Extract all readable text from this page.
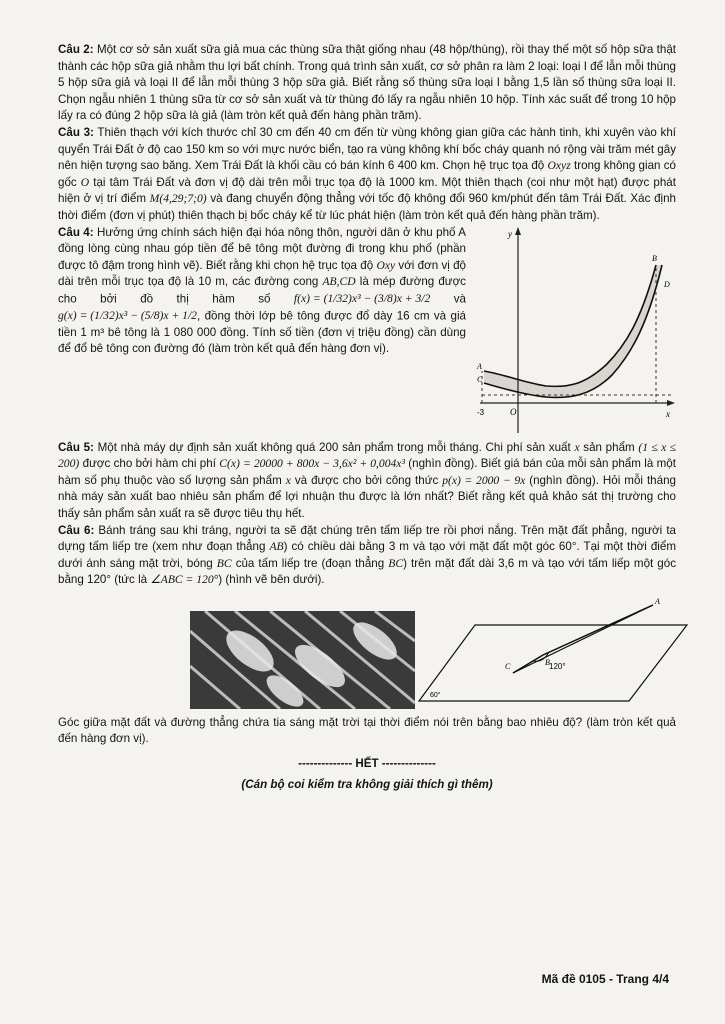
Câu 2: Một cơ sở sản xuất sữa giả mua các thùng sữa thật giống nhau (48 hộp/thùng), rồi thay thế một số hộp sữa thật thành các hộp sữa giả nhằm thu lợi bất chính. Trong quá trình sản xuất, cơ sở phân ra làm 2 loại: loại I để lẫn mỗi thùng 5 hộp sữa giả và loại II để lẫn mỗi thùng 3 hộp sữa giả. Biết rằng số thùng sữa loại I bằng 1,5 lần số thùng sữa loại II. Chọn ngẫu nhiên 1 thùng sữa từ cơ sở sản xuất và từ thùng đó lấy ra ngẫu nhiên 10 hộp. Tính xác suất để trong 10 hộp lấy ra có đúng 2 hộp sữa là giả (làm tròn kết quả đến hàng phần trăm).

Câu 3: Thiên thạch với kích thước chỉ 30 cm đến 40 cm đến từ vùng không gian giữa các hành tinh, khi xuyên vào khí quyển Trái Đất ở độ cao 150 km so với mực nước biển, tạo ra vùng không khí bốc cháy quanh nó rộng vài trăm mét gây nên hiện tượng sao băng. Xem Trái Đất là khối cầu có bán kính 6 400 km. Chọn hệ trục tọa độ Oxyz trong không gian có gốc O tại tâm Trái Đất và đơn vị độ dài trên mỗi trục tọa độ là 1000 km. Một thiên thạch (coi như một hạt) được phát hiện ở vị trí điểm M(4,29;7;0) và đang chuyển động thẳng với tốc độ không đổi 960 km/phút đến tâm Trái Đất. Xác định thời điểm (đơn vị phút) thiên thạch bị bốc cháy kể từ lúc phát hiện (làm tròn kết quả đến hàng phần trăm).

Câu 4: Hưởng ứng chính sách hiện đại hóa nông thôn, người dân ở khu phố A đồng lòng cùng nhau góp tiền để bê tông một đường đi trong khu phố (phần được tô đậm trong hình vẽ). Biết rằng khi chọn hệ trục tọa độ Oxy với đơn vị độ dài trên mỗi trục tọa độ là 10 m, các đường cong AB,CD là mép đường được cho bởi đồ thị hàm số f(x) = (1/32)x³ − (3/8)x + 3/2 và g(x) = (1/32)x³ − (5/8)x + 1/2, đồng thời lớp bê tông được đổ dày 16 cm và giá tiền 1 m³ bê tông là 1 080 000 đồng. Tính số tiền (đơn vị triệu đồng) cần dùng để đổ bê tông con đường đó (làm tròn kết quả đến hàng đơn vị).

y
x
O
-3
A
C
B
D

Câu 5: Một nhà máy dự định sản xuất không quá 200 sản phẩm trong mỗi tháng. Chi phí sản xuất x sản phẩm (1 ≤ x ≤ 200) được cho bởi hàm chi phí C(x) = 20000 + 800x − 3,6x² + 0,004x³ (nghìn đồng). Biết giá bán của mỗi sản phẩm là một hàm số phụ thuộc vào số lượng sản phẩm x và được cho bởi công thức p(x) = 2000 − 9x (nghìn đồng). Hỏi mỗi tháng nhà máy sản xuất bao nhiêu sản phẩm để lợi nhuận thu được là lớn nhất? Biết rằng kết quả khảo sát thị trường cho thấy sản phẩm sản xuất ra sẽ được tiêu thụ hết.

Câu 6: Bánh tráng sau khi tráng, người ta sẽ đặt chúng trên tấm liếp tre rồi phơi nắng. Trên mặt đất phẳng, người ta dựng tấm liếp tre (xem như đoạn thẳng AB) có chiều dài bằng 3 m và tạo với mặt đất một góc 60°. Tại một thời điểm dưới ánh sáng mặt trời, bóng BC của tấm liếp tre (đoạn thẳng BC) trên mặt đất dài 3,6 m và tạo với tấm liếp một góc bằng 120° (tức là ∠ABC = 120°) (hình vẽ bên dưới).

120°
60°
A
B
C

Góc giữa mặt đất và đường thẳng chứa tia sáng mặt trời tại thời điểm nói trên bằng bao nhiêu độ? (làm tròn kết quả đến hàng đơn vị).

-------------- HẾT --------------
(Cán bộ coi kiểm tra không giải thích gì thêm)
Mã đề 0105 - Trang 4/4
